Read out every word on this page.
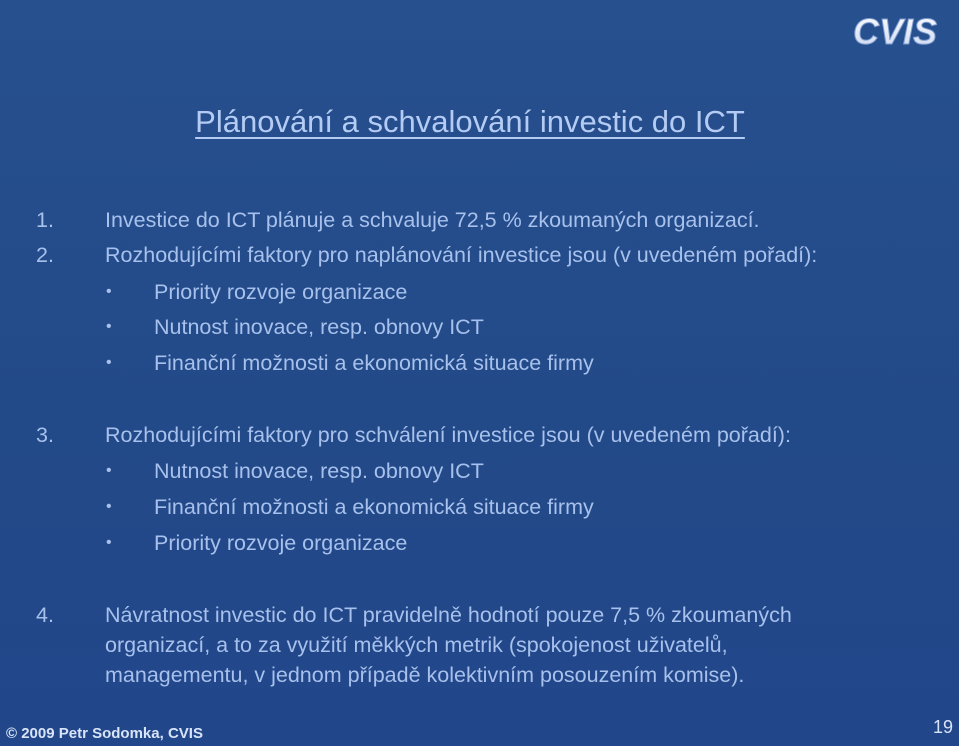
CVIS
Plánování a schvalování investic do ICT
1. Investice do ICT plánuje a schvaluje 72,5 % zkoumaných organizací.
2. Rozhodujícími faktory pro naplánování investice jsou (v uvedeném pořadí):
• Priority rozvoje organizace
• Nutnost inovace, resp. obnovy ICT
• Finanční možnosti a ekonomická situace firmy
3. Rozhodujícími faktory pro schválení investice jsou (v uvedeném pořadí):
• Nutnost inovace, resp. obnovy ICT
• Finanční možnosti a ekonomická situace firmy
• Priority rozvoje organizace
4. Návratnost investic do ICT pravidelně hodnotí pouze 7,5 % zkoumaných
organizací, a to za využití měkkých metrik (spokojenost uživatelů,
managementu, v jednom případě kolektivním posouzením komise).
© 2009 Petr Sodomka, CVIS	19
